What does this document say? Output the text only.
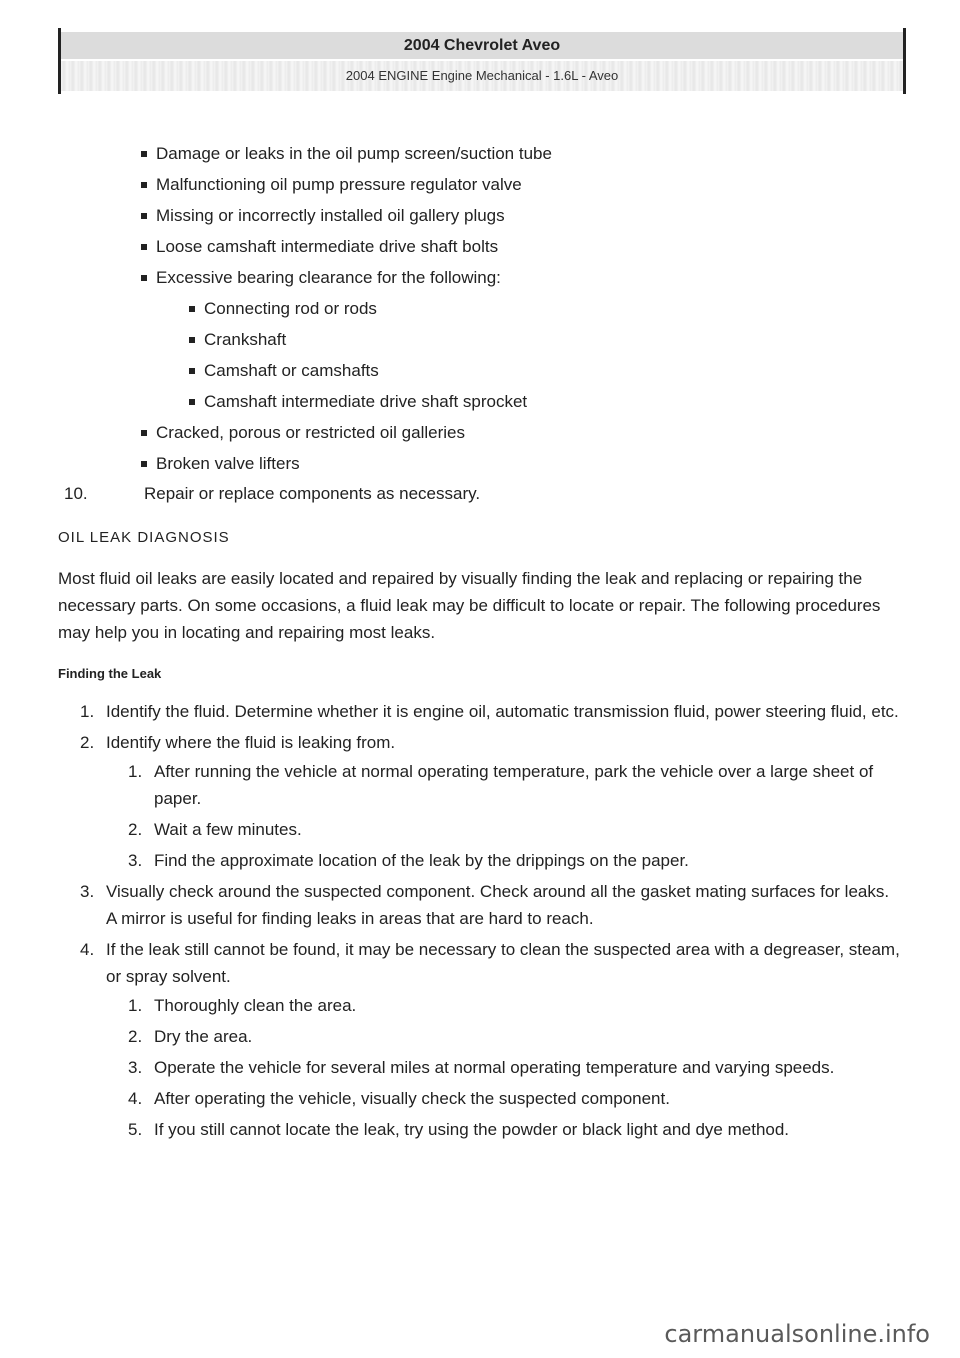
2004 Chevrolet Aveo
2004 ENGINE Engine Mechanical - 1.6L - Aveo
Damage or leaks in the oil pump screen/suction tube
Malfunctioning oil pump pressure regulator valve
Missing or incorrectly installed oil gallery plugs
Loose camshaft intermediate drive shaft bolts
Excessive bearing clearance for the following:
Connecting rod or rods
Crankshaft
Camshaft or camshafts
Camshaft intermediate drive shaft sprocket
Cracked, porous or restricted oil galleries
Broken valve lifters
10.	Repair or replace components as necessary.
OIL LEAK DIAGNOSIS
Most fluid oil leaks are easily located and repaired by visually finding the leak and replacing or repairing the necessary parts. On some occasions, a fluid leak may be difficult to locate or repair. The following procedures may help you in locating and repairing most leaks.
Finding the Leak
1. Identify the fluid. Determine whether it is engine oil, automatic transmission fluid, power steering fluid, etc.
2. Identify where the fluid is leaking from.
1. After running the vehicle at normal operating temperature, park the vehicle over a large sheet of paper.
2. Wait a few minutes.
3. Find the approximate location of the leak by the drippings on the paper.
3. Visually check around the suspected component. Check around all the gasket mating surfaces for leaks. A mirror is useful for finding leaks in areas that are hard to reach.
4. If the leak still cannot be found, it may be necessary to clean the suspected area with a degreaser, steam, or spray solvent.
1. Thoroughly clean the area.
2. Dry the area.
3. Operate the vehicle for several miles at normal operating temperature and varying speeds.
4. After operating the vehicle, visually check the suspected component.
5. If you still cannot locate the leak, try using the powder or black light and dye method.
carmanualsonline.info
